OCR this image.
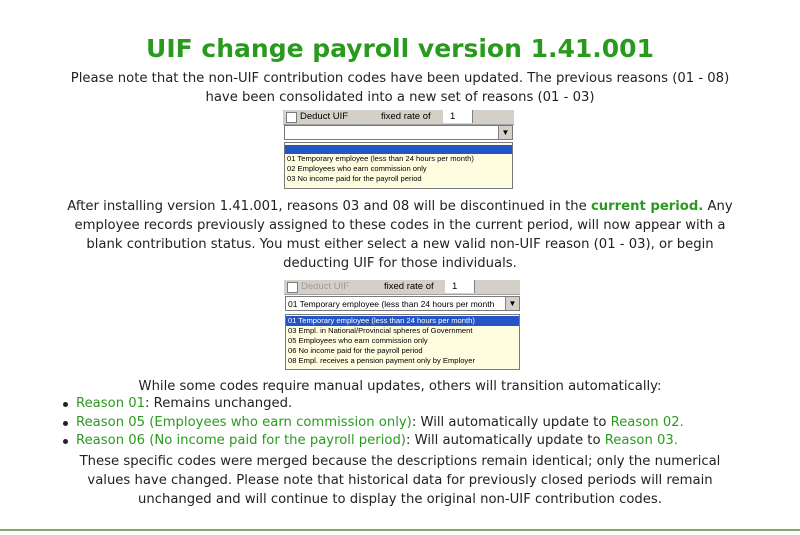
UIF change payroll version 1.41.001
Please note that the non-UIF contribution codes have been updated. The previous reasons (01 - 08)
have been consolidated into a new set of reasons (01 - 03)
Deduct UIF	fixed rate of	1
▼
01 Temporary employee (less than 24 hours per month)
02 Employees who earn commission only
03 No income paid for the payroll period
After installing version 1.41.001, reasons 03 and 08 will be discontinued in the current period. Any
employee records previously assigned to these codes in the current period, will now appear with a
blank contribution status. You must either select a new valid non-UIF reason (01 - 03), or begin
deducting UIF for those individuals.
Deduct UIF	fixed rate of	1
01 Temporary employee (less than 24 hours per month	▼
01 Temporary employee (less than 24 hours per month)
03 Empl. in National/Provincial spheres of Government
05 Employees who earn commission only
06 No income paid for the payroll period
08 Empl. receives a pension payment only by Employer
While some codes require manual updates, others will transition automatically:
Reason 01: Remains unchanged.
Reason 05 (Employees who earn commission only): Will automatically update to Reason 02.
Reason 06 (No income paid for the payroll period): Will automatically update to Reason 03.
These specific codes were merged because the descriptions remain identical; only the numerical
values have changed. Please note that historical data for previously closed periods will remain
unchanged and will continue to display the original non-UIF contribution codes.
